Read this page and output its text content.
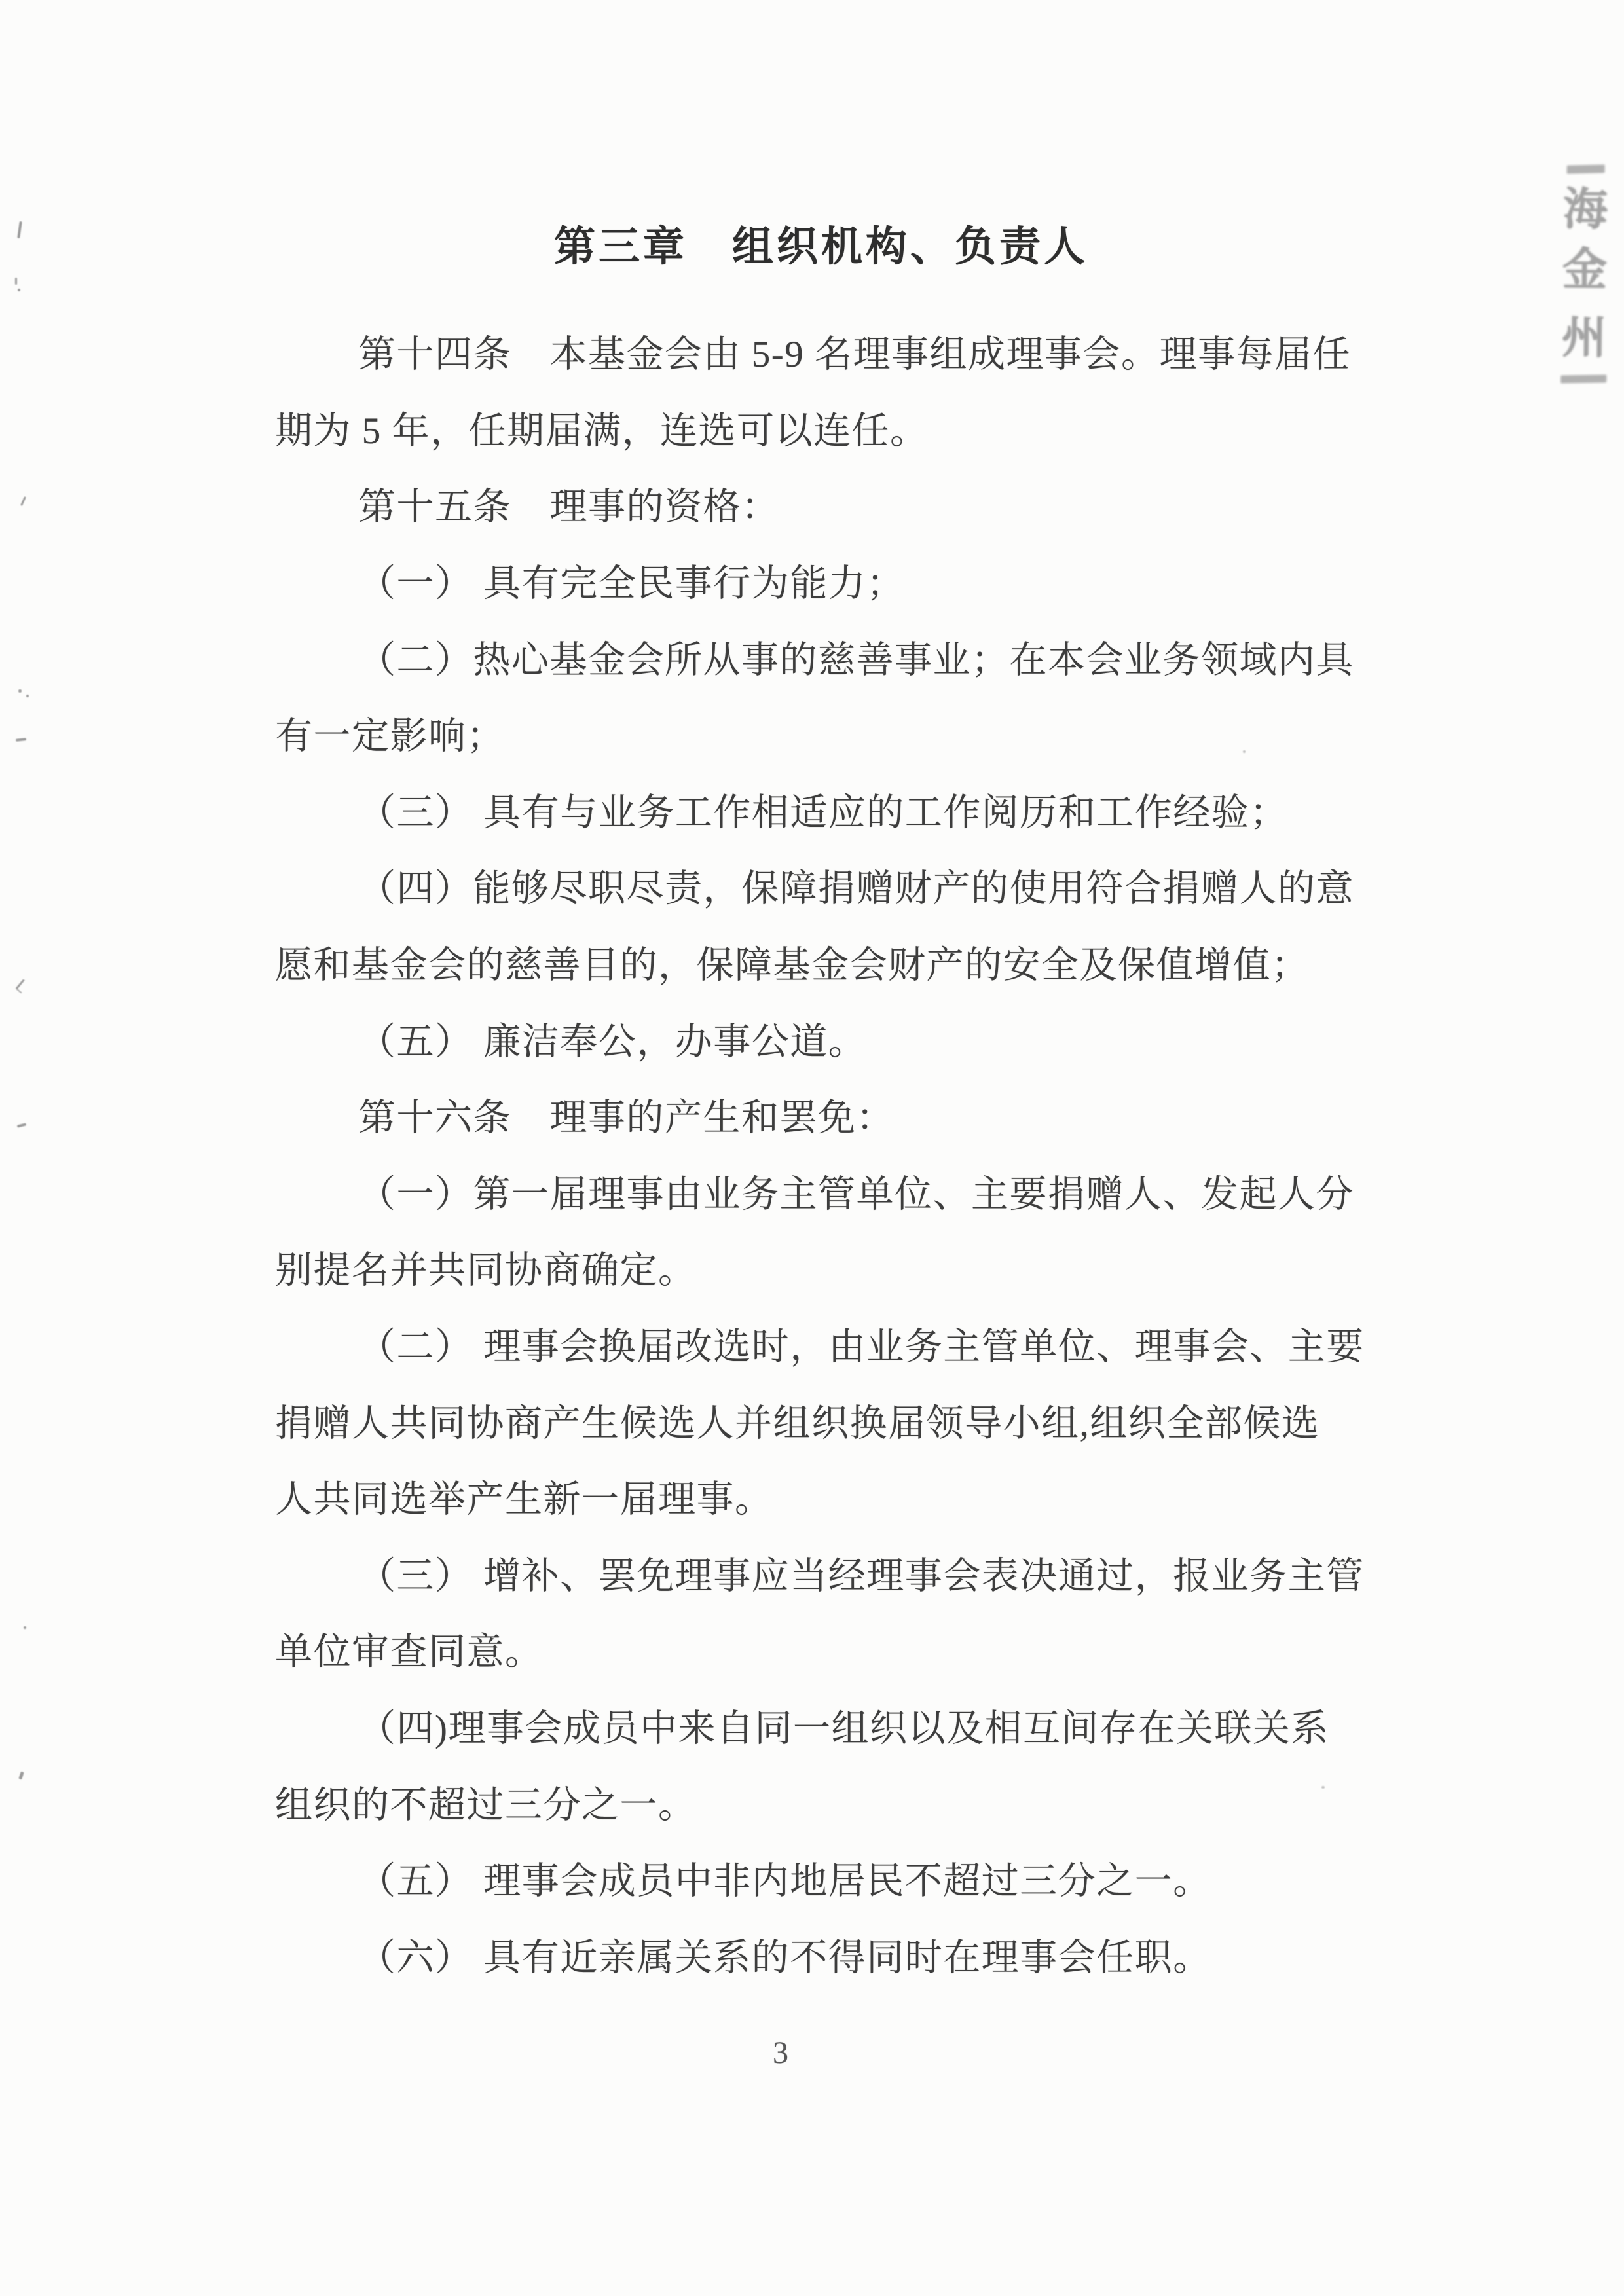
第三章　组织机构、负责人
第十四条　本基金会由 5-9 名理事组成理事会。理事每届任
期为 5 年，任期届满，连选可以连任。
第十五条　理事的资格：
（一） 具有完全民事行为能力；
（二）热心基金会所从事的慈善事业；在本会业务领域内具
有一定影响；
（三） 具有与业务工作相适应的工作阅历和工作经验；
（四）能够尽职尽责，保障捐赠财产的使用符合捐赠人的意
愿和基金会的慈善目的，保障基金会财产的安全及保值增值；
（五） 廉洁奉公，办事公道。
第十六条　理事的产生和罢免：
（一）第一届理事由业务主管单位、主要捐赠人、发起人分
别提名并共同协商确定。
（二） 理事会换届改选时，由业务主管单位、理事会、主要
捐赠人共同协商产生候选人并组织换届领导小组,组织全部候选
人共同选举产生新一届理事。
（三） 增补、罢免理事应当经理事会表决通过，报业务主管
单位审查同意。
（四)理事会成员中来自同一组织以及相互间存在关联关系
组织的不超过三分之一。
（五） 理事会成员中非内地居民不超过三分之一。
（六） 具有近亲属关系的不得同时在理事会任职。
3
海
金
州
